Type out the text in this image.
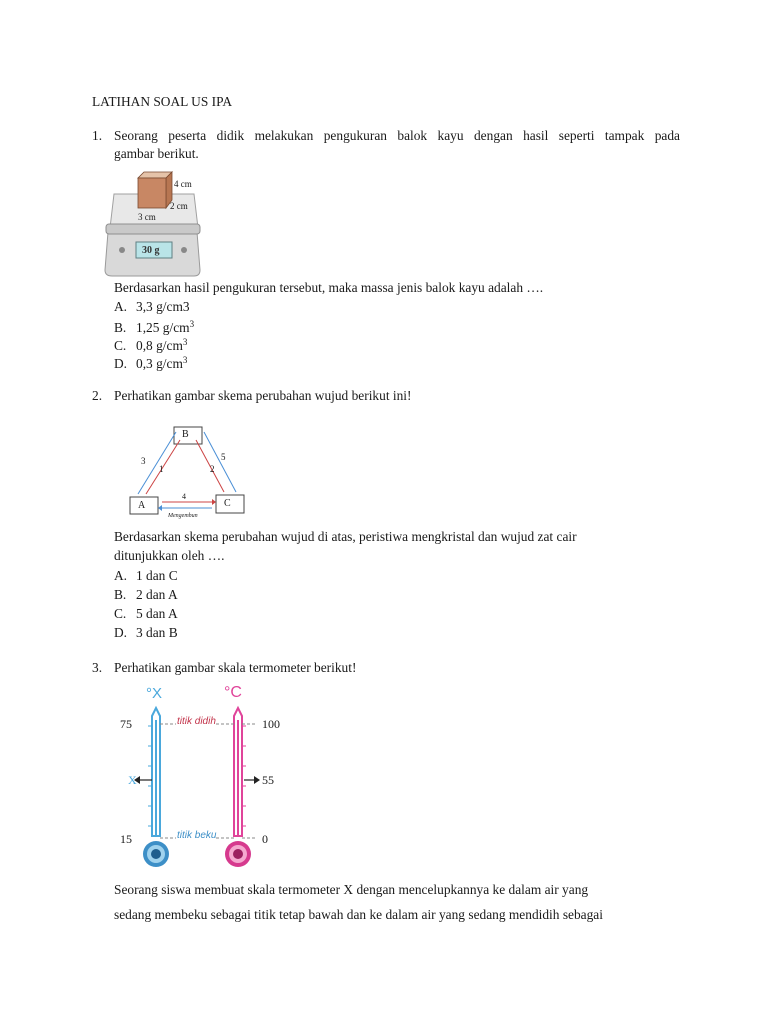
LATIHAN SOAL US IPA
1. Seorang peserta didik melakukan pengukuran balok kayu dengan hasil seperti tampak pada
gambar berikut.
4 cm
2 cm
3 cm
30 g
Berdasarkan hasil pengukuran tersebut, maka massa jenis balok kayu adalah ….
A. 3,3 g/cm3
B. 1,25 $g/cm^3$
C. 0,8 $g/cm^3$
D. 0,3 $g/cm^3$
2. Perhatikan gambar skema perubahan wujud berikut ini!
B
A	C
3
1	2
5
4
Mengembun
Berdasarkan skema perubahan wujud di atas, peristiwa mengkristal dan wujud zat cair
ditunjukkan oleh ….
A. 1 dan C
B. 2 dan A
C. 5 dan A
D. 3 dan B
3. Perhatikan gambar skala termometer berikut!
°X	°C
75
X
15
100
55
0
titik didih
titik beku
Seorang siswa membuat skala termometer X dengan mencelupkannya ke dalam air yang
sedang membeku sebagai titik tetap bawah dan ke dalam air yang sedang mendidih sebagai
